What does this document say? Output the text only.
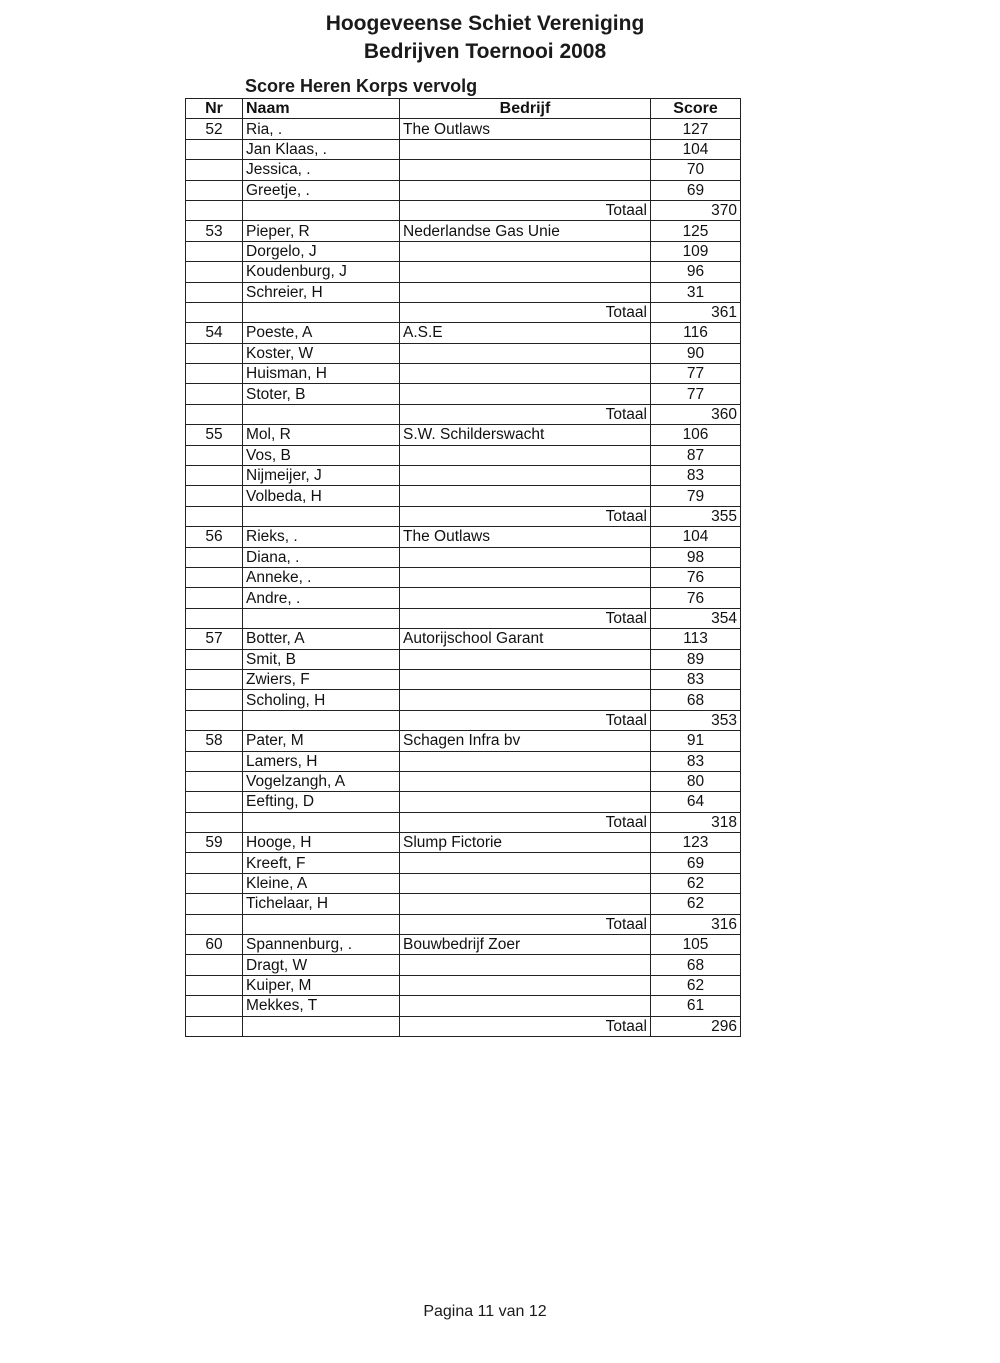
Hoogeveense Schiet Vereniging
Bedrijven Toernooi 2008
Score Heren Korps vervolg
Nr	Naam	Bedrijf	Score
52	Ria, .	The Outlaws	127
	Jan Klaas, .		104
	Jessica, .		70
	Greetje, .		69
		Totaal	370
53	Pieper, R	Nederlandse Gas Unie	125
	Dorgelo, J		109
	Koudenburg, J		96
	Schreier, H		31
		Totaal	361
54	Poeste, A	A.S.E	116
	Koster, W		90
	Huisman, H		77
	Stoter, B		77
		Totaal	360
55	Mol, R	S.W. Schilderswacht	106
	Vos, B		87
	Nijmeijer, J		83
	Volbeda, H		79
		Totaal	355
56	Rieks, .	The Outlaws	104
	Diana, .		98
	Anneke, .		76
	Andre, .		76
		Totaal	354
57	Botter, A	Autorijschool Garant	113
	Smit, B		89
	Zwiers, F		83
	Scholing, H		68
		Totaal	353
58	Pater, M	Schagen Infra bv	91
	Lamers, H		83
	Vogelzangh, A		80
	Eefting, D		64
		Totaal	318
59	Hooge, H	Slump Fictorie	123
	Kreeft, F		69
	Kleine, A		62
	Tichelaar, H		62
		Totaal	316
60	Spannenburg, .	Bouwbedrijf Zoer	105
	Dragt, W		68
	Kuiper, M		62
	Mekkes, T		61
		Totaal	296
Pagina 11 van 12
